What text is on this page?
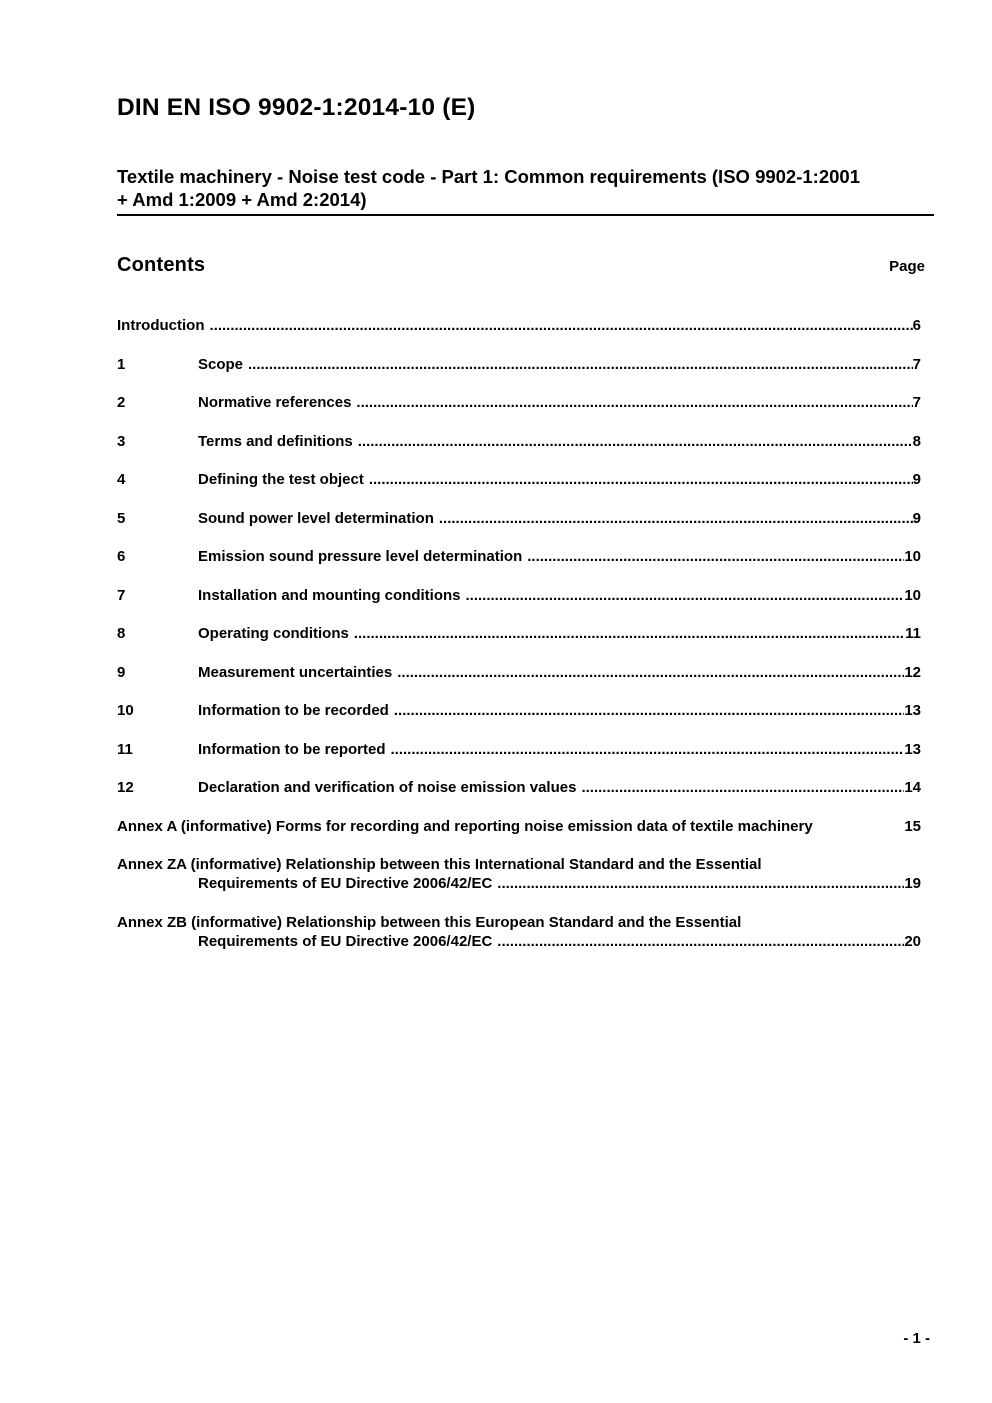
DIN EN ISO 9902-1:2014-10 (E)
Textile machinery - Noise test code - Part 1: Common requirements (ISO 9902-1:2001
+ Amd 1:2009 + Amd 2:2014)
Contents	Page
Introduction .....	6
1	Scope .....	7
2	Normative references .....	7
3	Terms and definitions .....	8
4	Defining the test object .....	9
5	Sound power level determination .....	9
6	Emission sound pressure level determination .....	10
7	Installation and mounting conditions .....	10
8	Operating conditions .....	11
9	Measurement uncertainties .....	12
10	Information to be recorded .....	13
11	Information to be reported .....	13
12	Declaration and verification of noise emission values .....	14
Annex A (informative) Forms for recording and reporting noise emission data of textile machinery	15
Annex ZA (informative) Relationship between this International Standard and the Essential
Requirements of EU Directive 2006/42/EC .....	19
Annex ZB (informative) Relationship between this European Standard and the Essential
Requirements of EU Directive 2006/42/EC .....	20
- 1 -
